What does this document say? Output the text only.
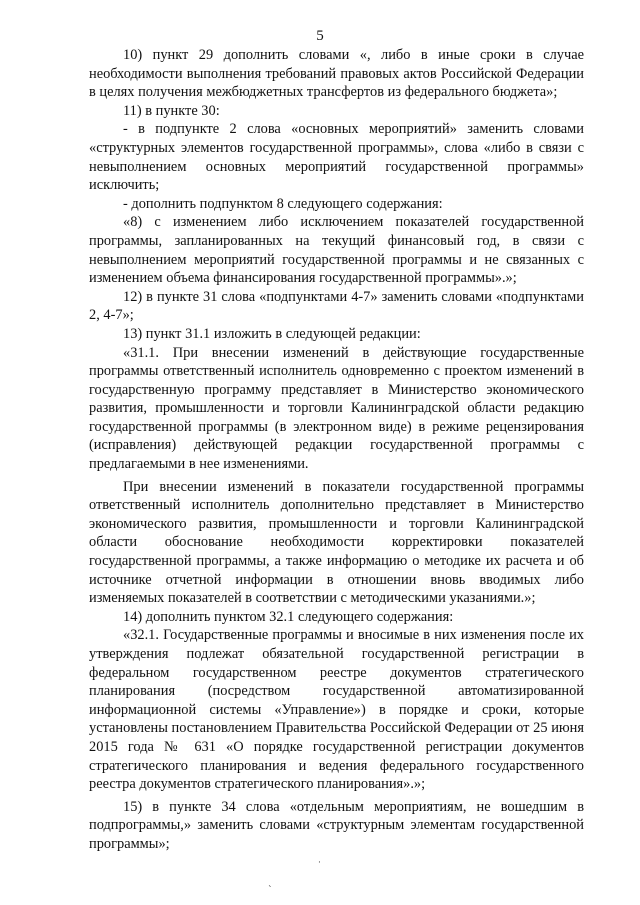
5

10) пункт 29 дополнить словами «, либо в иные сроки в случае необходимости выполнения требований правовых актов Российской Федерации в целях получения межбюджетных трансфертов из федерального бюджета»;

11) в пункте 30:

- в подпункте 2 слова «основных мероприятий» заменить словами «структурных элементов государственной программы», слова «либо в связи с невыполнением основных мероприятий государственной программы» исключить;

- дополнить подпунктом 8 следующего содержания:

«8) с изменением либо исключением показателей государственной программы, запланированных на текущий финансовый год, в связи с невыполнением мероприятий государственной программы и не связанных с изменением объема финансирования государственной программы».»;

12) в пункте 31 слова «подпунктами 4-7» заменить словами «подпунктами 2, 4-7»;

13) пункт 31.1 изложить в следующей редакции:

«31.1. При внесении изменений в действующие государственные программы ответственный исполнитель одновременно с проектом изменений в государственную программу представляет в Министерство экономического развития, промышленности и торговли Калининградской области редакцию государственной программы (в электронном виде) в режиме рецензирования (исправления) действующей редакции государственной программы с предлагаемыми в нее изменениями.

При внесении изменений в показатели государственной программы ответственный исполнитель дополнительно представляет в Министерство экономического развития, промышленности и торговли Калининградской области обоснование необходимости корректировки показателей государственной программы, а также информацию о методике их расчета и об источнике отчетной информации в отношении вновь вводимых либо изменяемых показателей в соответствии с методическими указаниями.»;

14) дополнить пунктом 32.1 следующего содержания:

«32.1. Государственные программы и вносимые в них изменения после их утверждения подлежат обязательной государственной регистрации в федеральном государственном реестре документов стратегического планирования (посредством государственной автоматизированной информационной системы «Управление») в порядке и сроки, которые установлены постановлением Правительства Российской Федерации от 25 июня 2015 года № 631 «О порядке государственной регистрации документов стратегического планирования и ведения федерального государственного реестра документов стратегического планирования».»;

15) в пункте 34 слова «отдельным мероприятиям, не вошедшим в подпрограммы,» заменить словами «структурным элементам государственной программы»;

·
ˎ
